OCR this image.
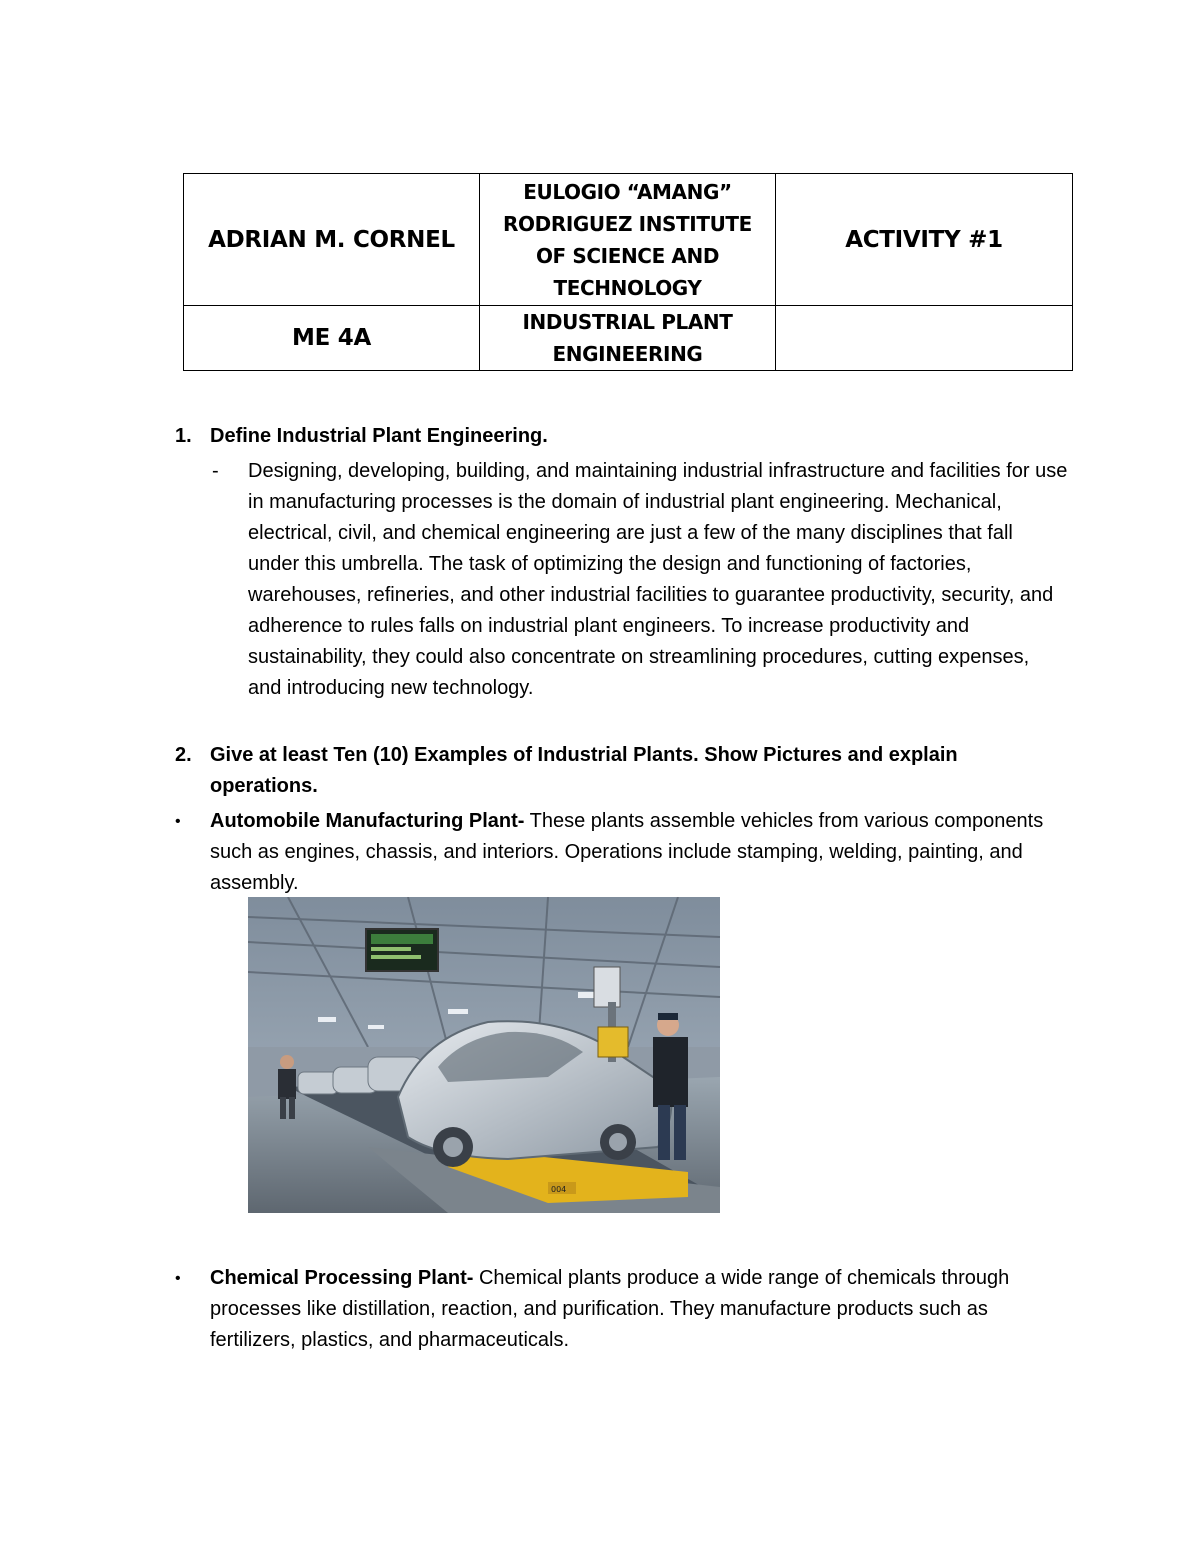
ADRIAN M. CORNEL	EULOGIO “AMANG” RODRIGUEZ INSTITUTE OF SCIENCE AND TECHNOLOGY	ACTIVITY #1
ME 4A	INDUSTRIAL PLANT ENGINEERING	
1. Define Industrial Plant Engineering.
- Designing, developing, building, and maintaining industrial infrastructure and facilities for use in manufacturing processes is the domain of industrial plant engineering. Mechanical, electrical, civil, and chemical engineering are just a few of the many disciplines that fall under this umbrella. The task of optimizing the design and functioning of factories, warehouses, refineries, and other industrial facilities to guarantee productivity, security, and adherence to rules falls on industrial plant engineers. To increase productivity and sustainability, they could also concentrate on streamlining procedures, cutting expenses, and introducing new technology.
2. Give at least Ten (10) Examples of Industrial Plants. Show Pictures and explain operations.
• Automobile Manufacturing Plant- These plants assemble vehicles from various components such as engines, chassis, and interiors. Operations include stamping, welding, painting, and assembly.
004
• Chemical Processing Plant- Chemical plants produce a wide range of chemicals through processes like distillation, reaction, and purification. They manufacture products such as fertilizers, plastics, and pharmaceuticals.
